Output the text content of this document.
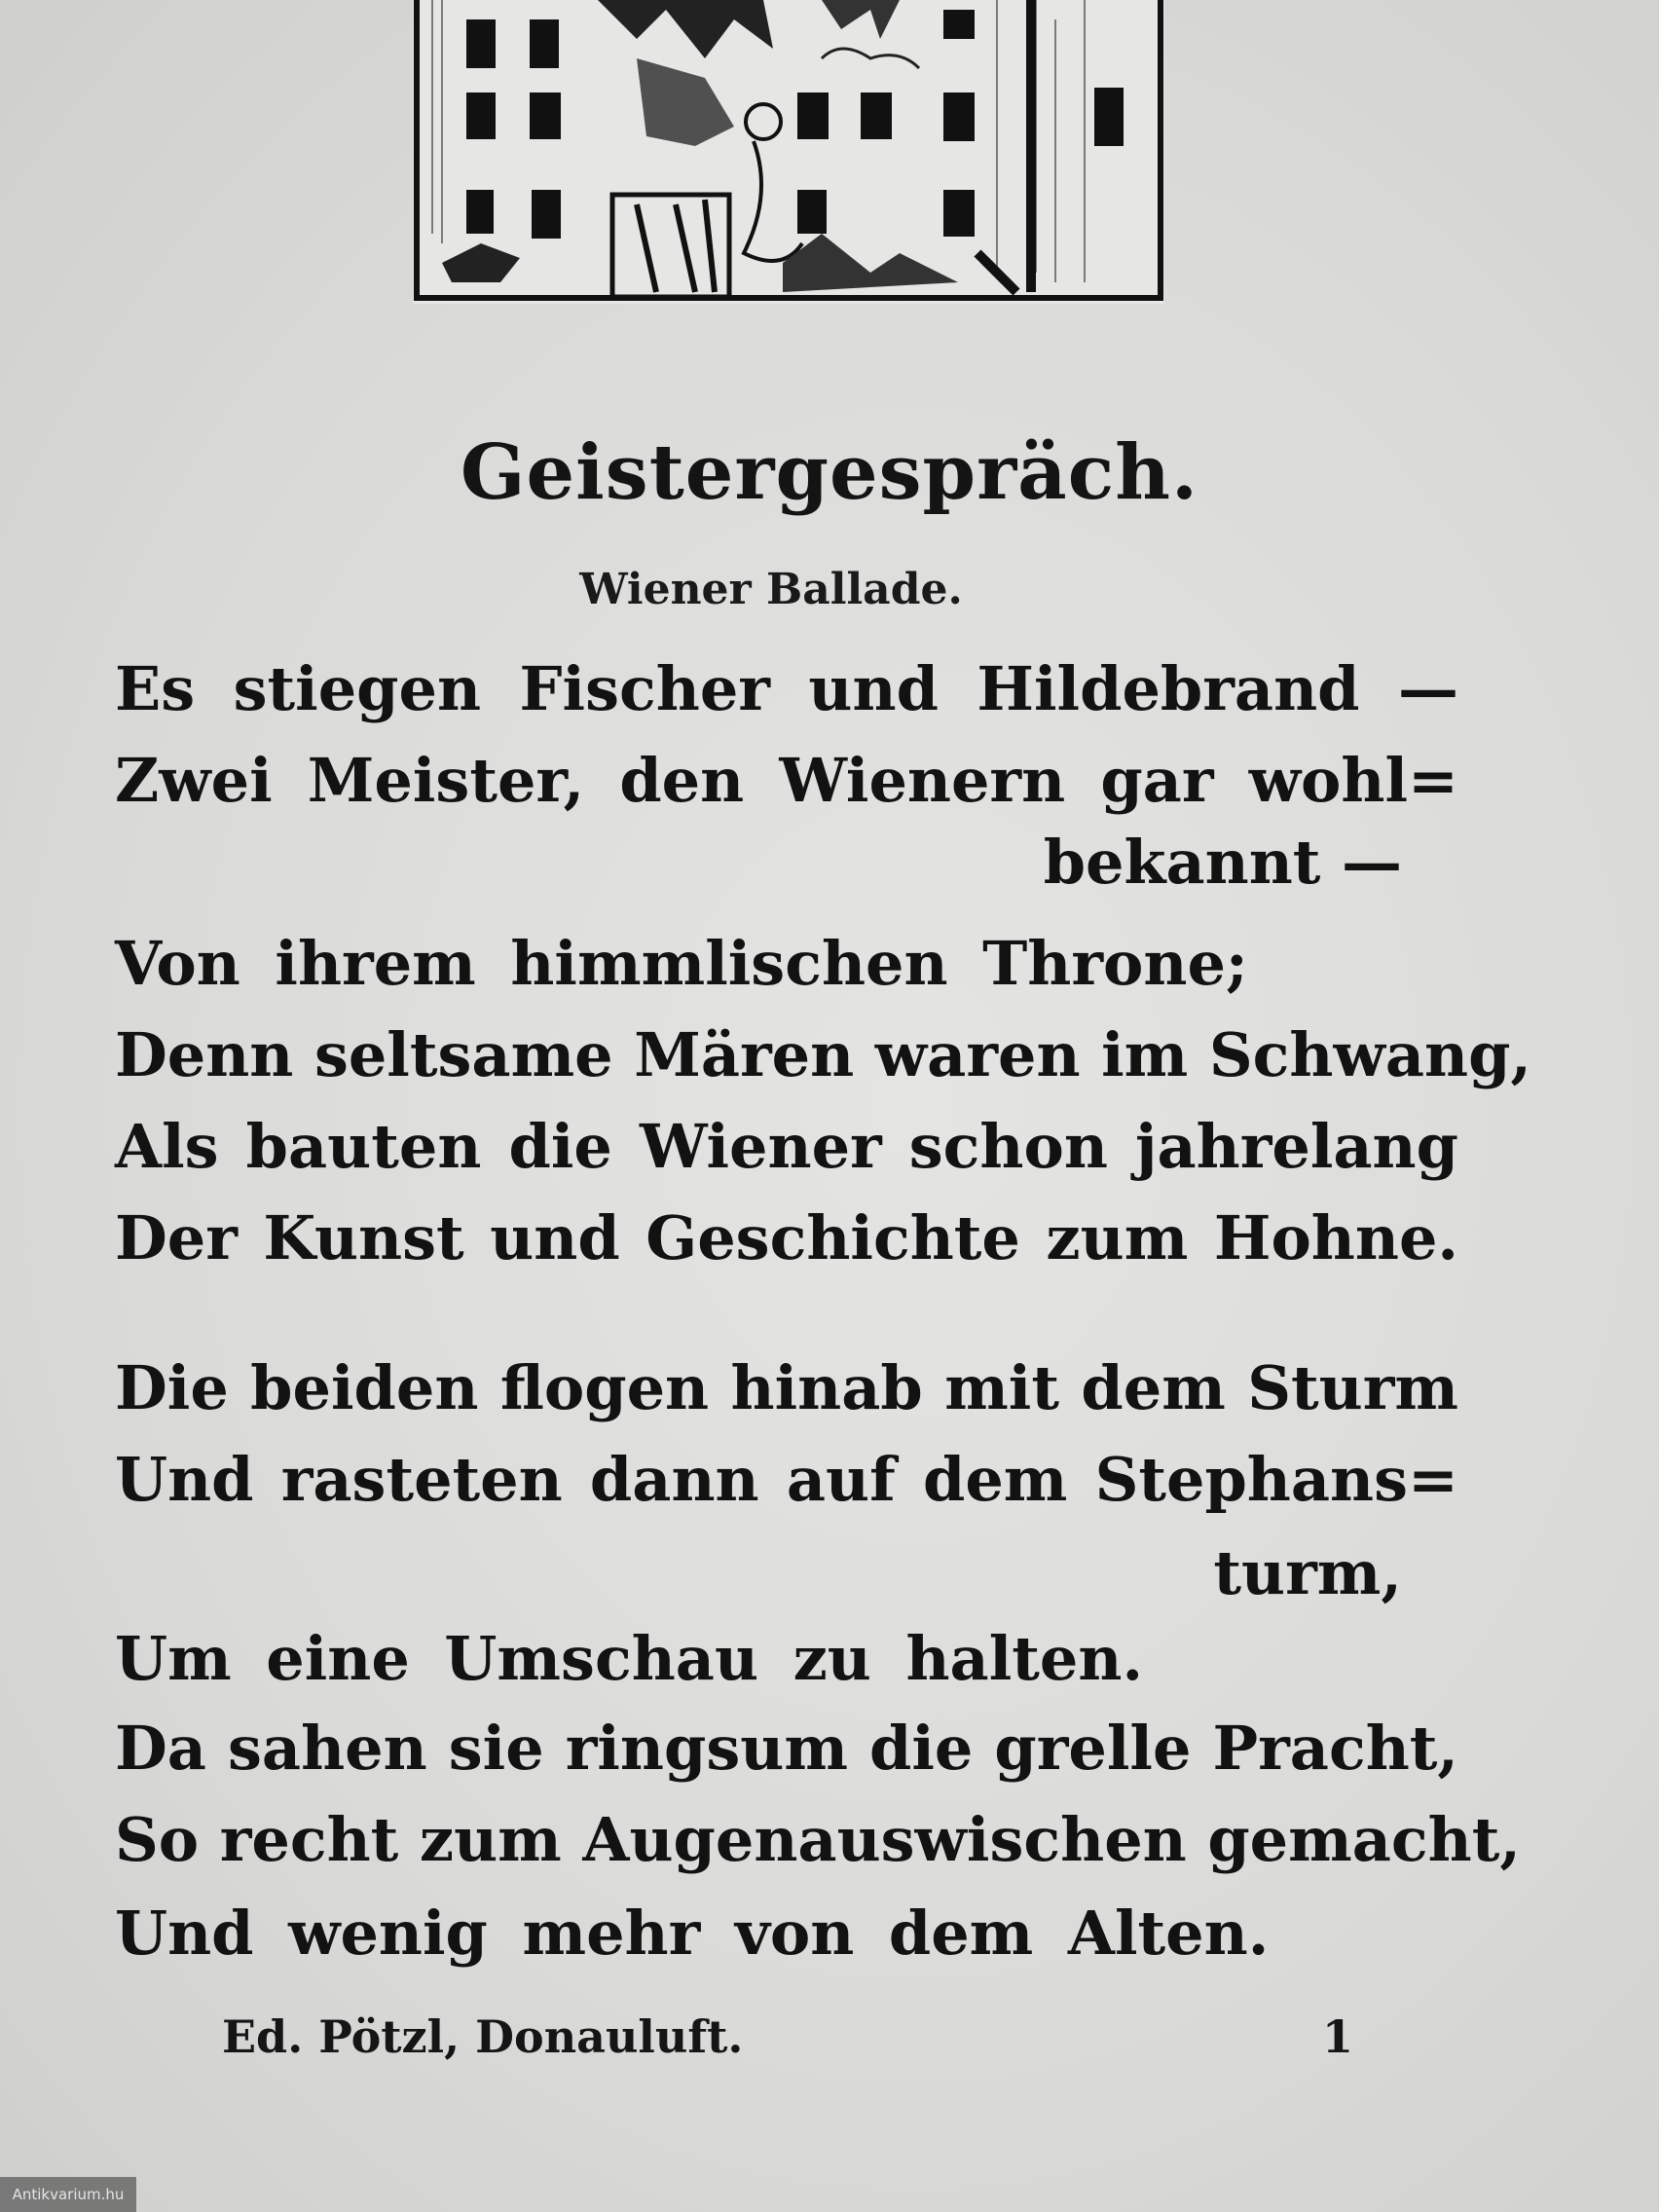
Geistergespräch.
Wiener Ballade.
Es stiegen Fischer und Hildebrand —
Zwei Meister, den Wienern gar wohl=
bekannt —
Von ihrem himmlischen Throne;
Denn seltsame Mären waren im Schwang,
Als bauten die Wiener schon jahrelang
Der Kunst und Geschichte zum Hohne.
Die beiden flogen hinab mit dem Sturm
Und rasteten dann auf dem Stephans=
turm,
Um eine Umschau zu halten.
Da sahen sie ringsum die grelle Pracht,
So recht zum Augenauswischen gemacht,
Und wenig mehr von dem Alten.
Ed. Pötzl, Donauluft.	1
Antikvarium.hu
